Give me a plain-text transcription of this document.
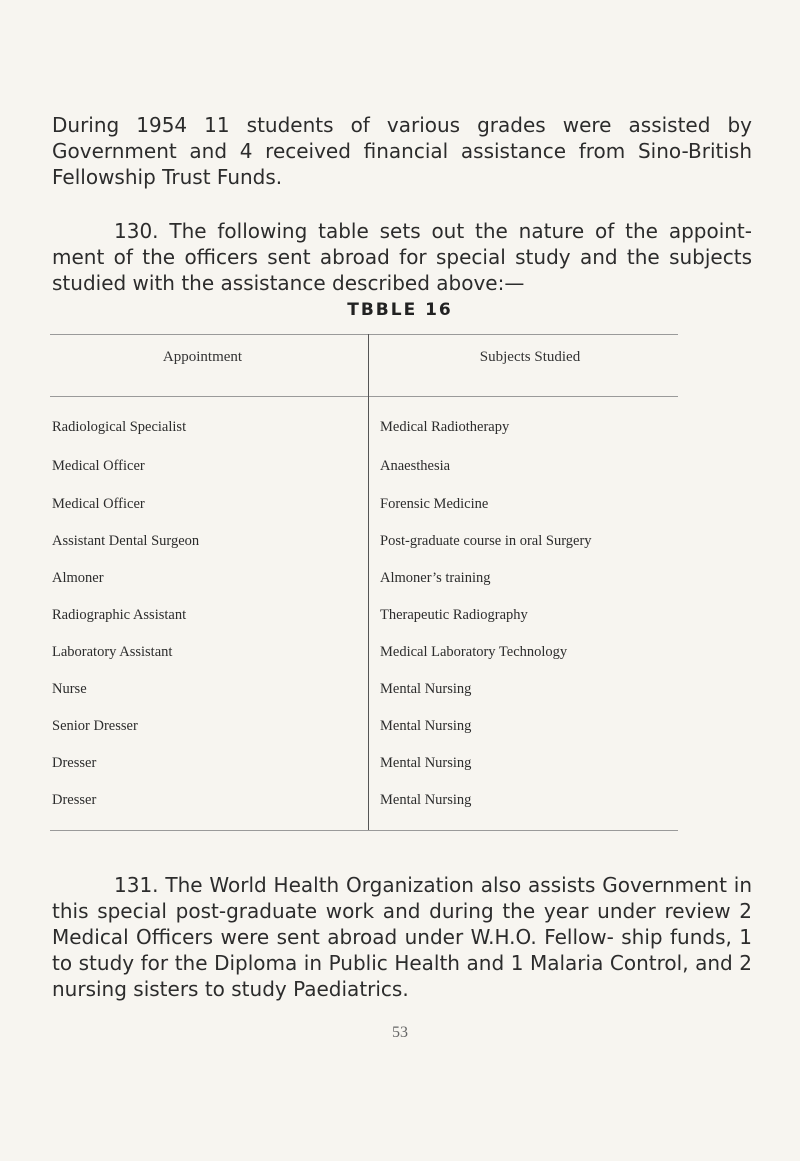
During 1954 11 students of various grades were assisted by Government and 4 received financial assistance from Sino-British Fellowship Trust Funds.

130. The following table sets out the nature of the appoint- ment of the officers sent abroad for special study and the subjects studied with the assistance described above:—

TBBLE 16
Appointment	Subjects Studied
Radiological Specialist	Medical Radiotherapy
Medical Officer	Anaesthesia
Medical Officer	Forensic Medicine
Assistant Dental Surgeon	Post-graduate course in oral Surgery
Almoner	Almoner’s training
Radiographic Assistant	Therapeutic Radiography
Laboratory Assistant	Medical Laboratory Technology
Nurse	Mental Nursing
Senior Dresser	Mental Nursing
Dresser	Mental Nursing
Dresser	Mental Nursing

131. The World Health Organization also assists Government in this special post-graduate work and during the year under review 2 Medical Officers were sent abroad under W.H.O. Fellow- ship funds, 1 to study for the Diploma in Public Health and 1 Malaria Control, and 2 nursing sisters to study Paediatrics.

53
